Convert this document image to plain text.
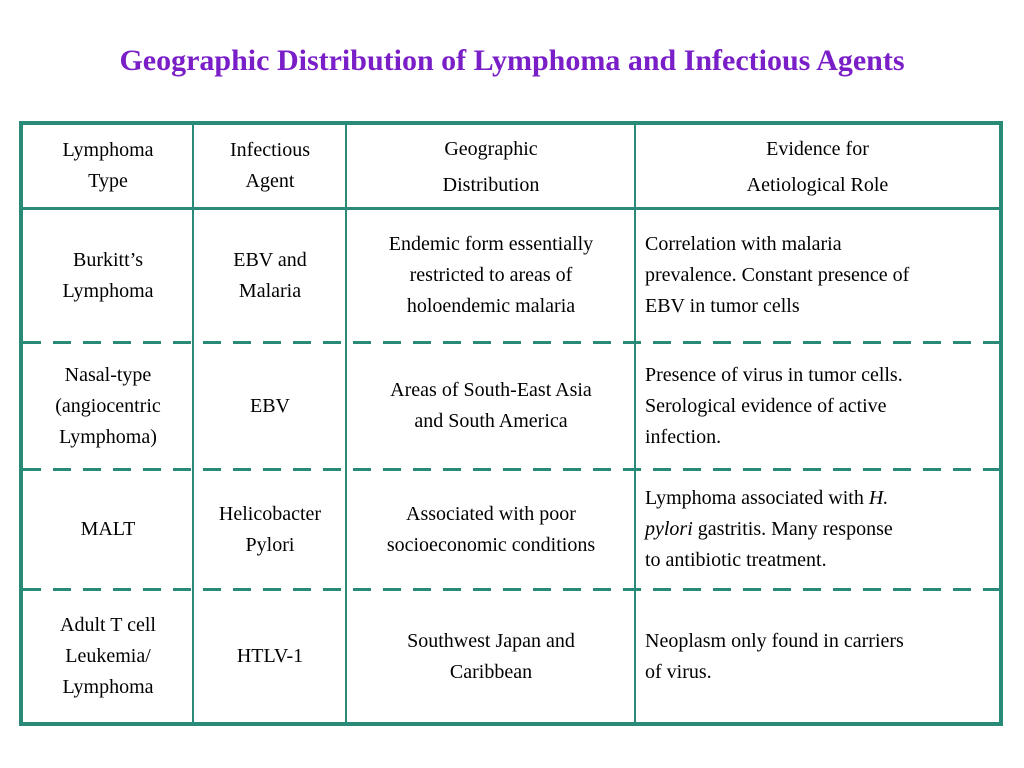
Geographic Distribution of Lymphoma and Infectious Agents
Lymphoma
Type
Infectious
Agent
Geographic
Distribution
Evidence for
Aetiological Role
Burkitt’s
Lymphoma
EBV and
Malaria
Endemic form essentially
restricted to areas of
holoendemic malaria
Correlation with malaria
prevalence. Constant presence of
EBV in tumor cells
Nasal-type
(angiocentric
Lymphoma)
EBV
Areas of South-East Asia
and South America
Presence of virus in tumor cells.
Serological evidence of active
infection.
MALT
Helicobacter
Pylori
Associated with poor
socioeconomic conditions
Lymphoma associated with H.
pylori gastritis. Many response
to antibiotic treatment.
Adult T cell
Leukemia/
Lymphoma
HTLV-1
Southwest Japan and
Caribbean
Neoplasm only found in carriers
of virus.
